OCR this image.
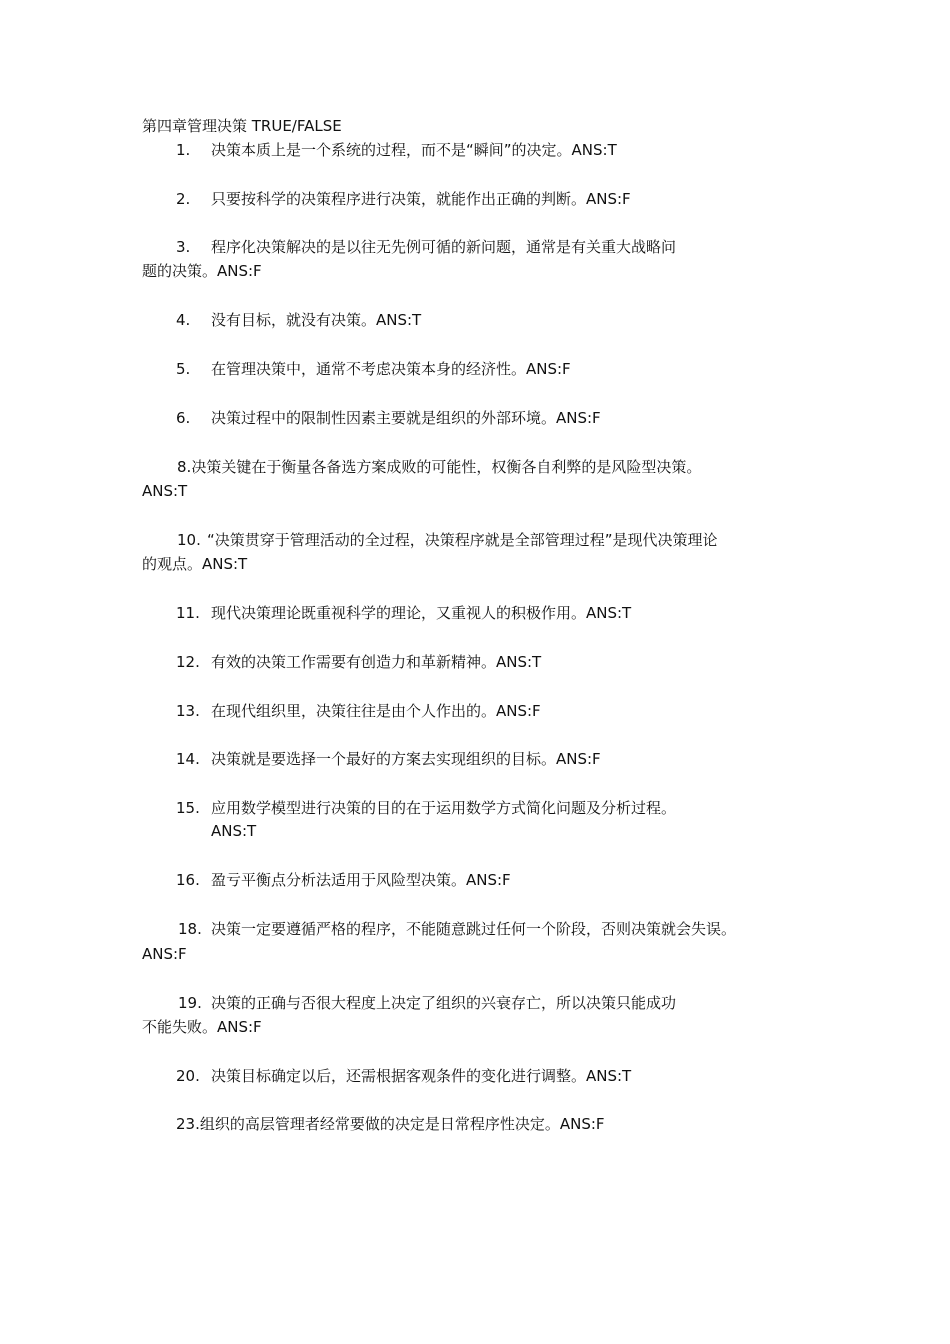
第四章管理决策 TRUE/FALSE
1. 决策本质上是一个系统的过程，而不是“瞬间”的决定。ANS:T
2. 只要按科学的决策程序进行决策，就能作出正确的判断。ANS:F
3. 程序化决策解决的是以往无先例可循的新问题，通常是有关重大战略问
题的决策。ANS:F
4. 没有目标，就没有决策。ANS:T
5. 在管理决策中，通常不考虑决策本身的经济性。ANS:F
6. 决策过程中的限制性因素主要就是组织的外部环境。ANS:F
8.决策关键在于衡量各备选方案成败的可能性，权衡各自利弊的是风险型决策。
ANS:T
10. “决策贯穿于管理活动的全过程，决策程序就是全部管理过程”是现代决策理论
的观点。ANS:T
11. 现代决策理论既重视科学的理论，又重视人的积极作用。ANS:T
12. 有效的决策工作需要有创造力和革新精神。ANS:T
13. 在现代组织里，决策往往是由个人作出的。ANS:F
14. 决策就是要选择一个最好的方案去实现组织的目标。ANS:F
15. 应用数学模型进行决策的目的在于运用数学方式简化问题及分析过程。
ANS:T
16. 盈亏平衡点分析法适用于风险型决策。ANS:F
18. 决策一定要遵循严格的程序，不能随意跳过任何一个阶段，否则决策就会失误。
ANS:F
19. 决策的正确与否很大程度上决定了组织的兴衰存亡，所以决策只能成功
不能失败。ANS:F
20. 决策目标确定以后，还需根据客观条件的变化进行调整。ANS:T
23.组织的高层管理者经常要做的决定是日常程序性决定。ANS:F
